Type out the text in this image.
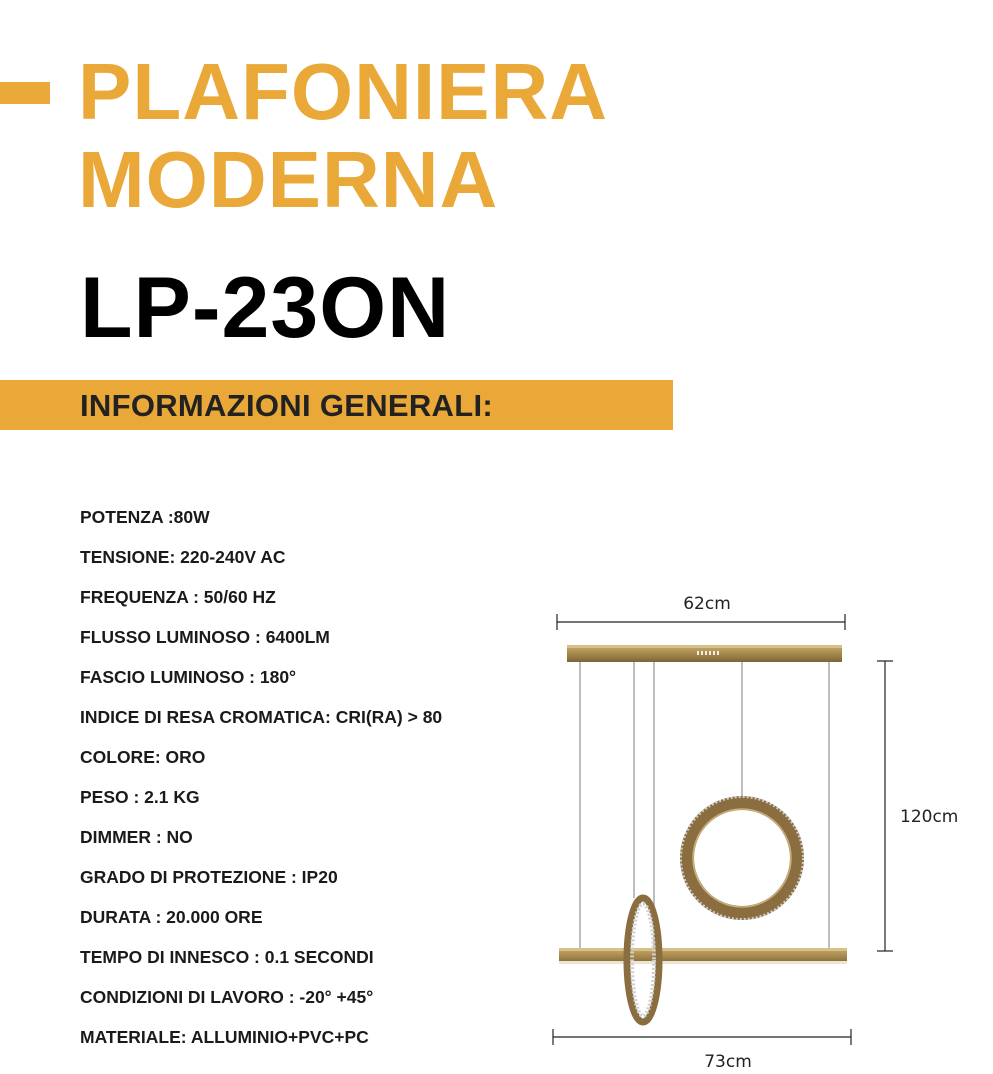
PLAFONIERA
MODERNA
LP-23ON
INFORMAZIONI GENERALI:
POTENZA :80W
TENSIONE: 220-240V AC
FREQUENZA : 50/60 HZ
FLUSSO LUMINOSO : 6400LM
FASCIO LUMINOSO : 180°
INDICE DI RESA CROMATICA: CRI(RA) > 80
COLORE: ORO
PESO : 2.1 KG
DIMMER : NO
GRADO DI PROTEZIONE : IP20
DURATA : 20.000 ORE
TEMPO DI INNESCO : 0.1 SECONDI
CONDIZIONI DI LAVORO : -20° +45°
MATERIALE: ALLUMINIO+PVC+PC
62cm
120cm
73cm
